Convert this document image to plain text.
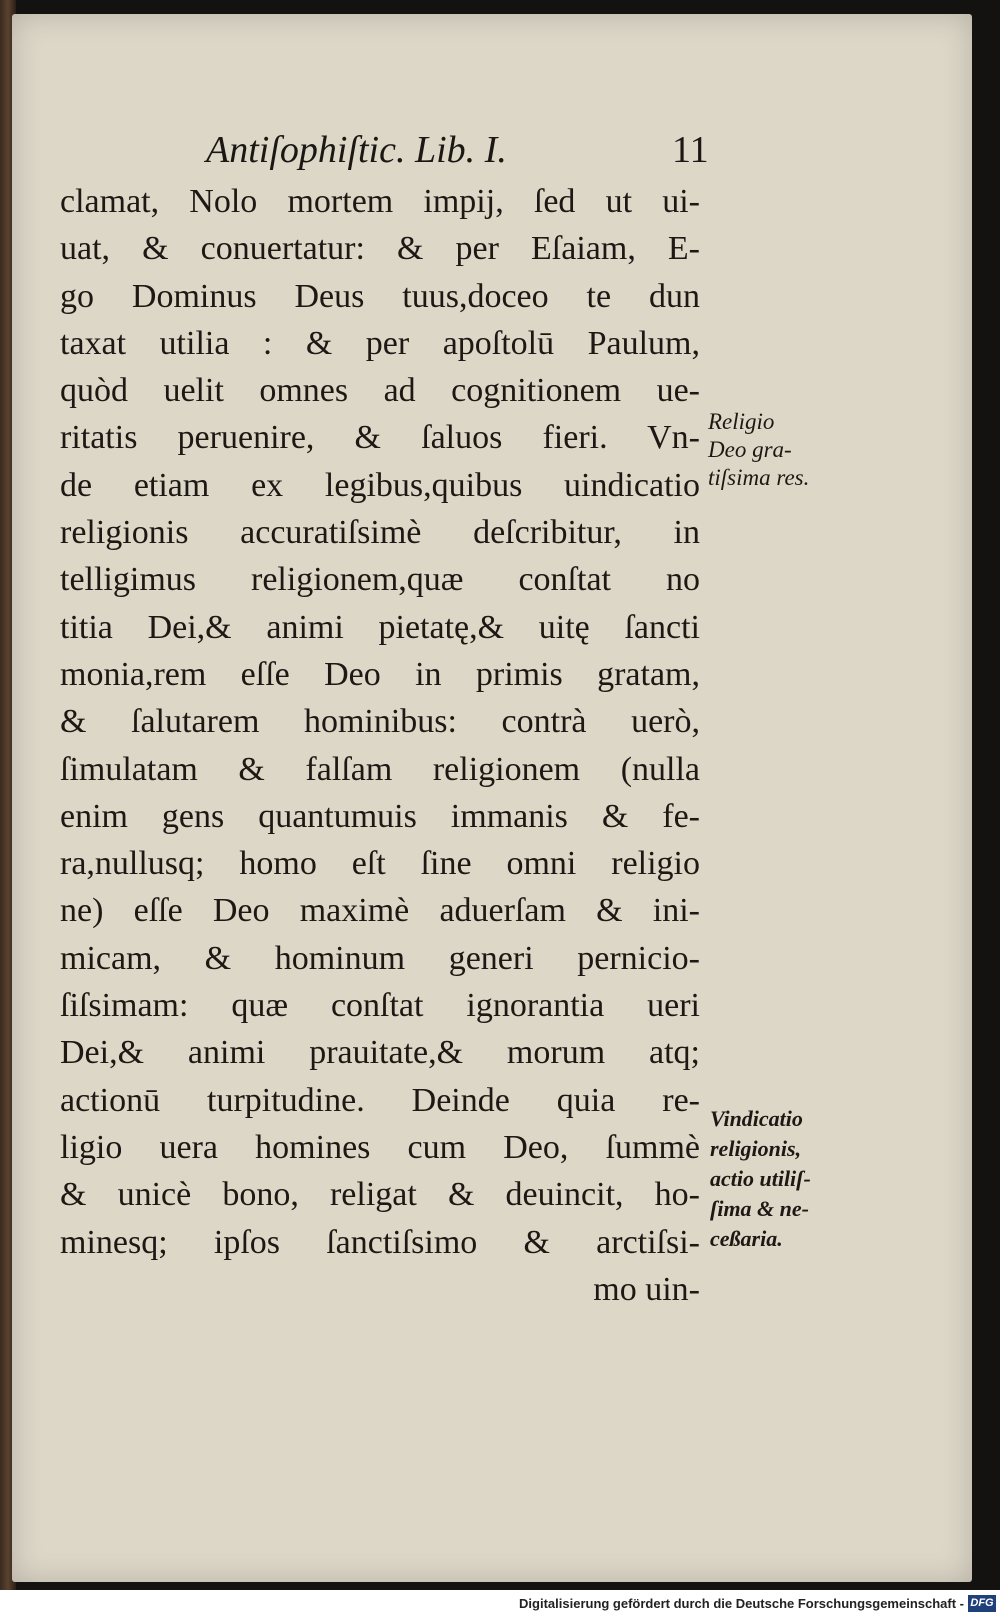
Antiſophiſtic. Lib. I.	11
clamat, Nolo mortem impij, ſed ut ui-
uat, & conuertatur: & per Eſaiam, E-
go Dominus Deus tuus,doceo te dun
taxat utilia : & per apoſtolū Paulum,
quòd uelit omnes ad cognitionem ue-
ritatis peruenire, & ſaluos fieri. Vn-
de etiam ex legibus,quibus uindicatio
religionis accuratiſsimè deſcribitur, in
telligimus religionem,quæ conſtat no
titia Dei,& animi pietatę,& uitę ſancti
monia,rem eſſe Deo in primis gratam,
& ſalutarem hominibus: contrà uerò,
ſimulatam & falſam religionem (nulla
enim gens quantumuis immanis & fe-
ra,nullusq; homo eſt ſine omni religio
ne) eſſe Deo maximè aduerſam & ini-
micam, & hominum generi pernicio-
ſiſsimam: quæ conſtat ignorantia ueri
Dei,& animi prauitate,& morum atq;
actionū turpitudine. Deinde quia re-
ligio uera homines cum Deo, ſummè
& unicè bono, religat & deuincit, ho-
minesq; ipſos ſanctiſsimo & arctiſsi-
mo uin-

Religio
Deo gra-
tiſsima res.

Vindicatio
religionis,
actio utiliſ-
ſima & ne-
ceßaria.

Digitalisierung gefördert durch die Deutsche Forschungsgemeinschaft - DFG
